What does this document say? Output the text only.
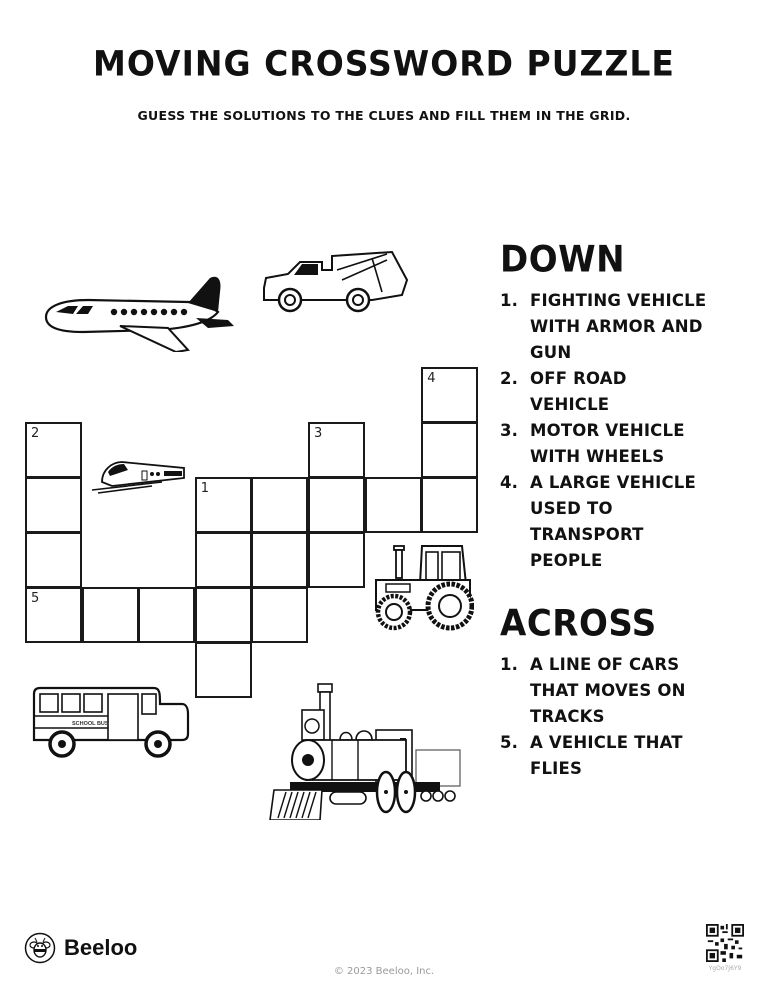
MOVING CROSSWORD PUZZLE
GUESS THE SOLUTIONS TO THE CLUES AND FILL THEM IN THE GRID.
SCHOOL BUS
4
2	3
1
5
DOWN
1. FIGHTING VEHICLE WITH ARMOR AND GUN
2. OFF ROAD VEHICLE
3. MOTOR VEHICLE WITH WHEELS
4. A LARGE VEHICLE USED TO TRANSPORT PEOPLE
ACROSS
1. A LINE OF CARS THAT MOVES ON TRACKS
5. A VEHICLE THAT FLIES
Beeloo
© 2023 Beeloo, Inc.	YgOo7J6Y9
